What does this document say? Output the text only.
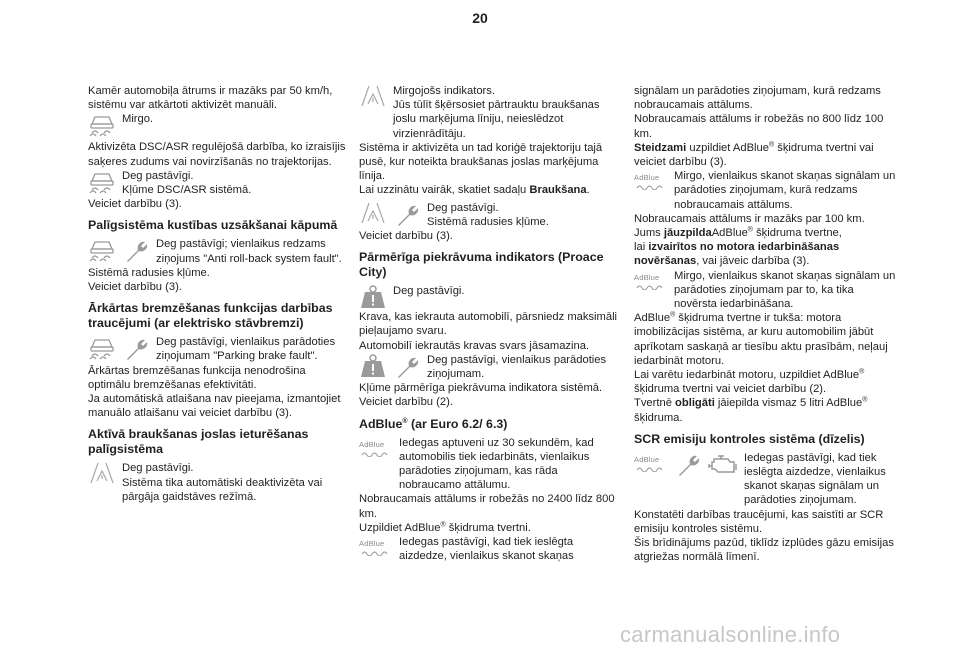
20

Kamēr automobiļa ātrums ir mazāks par 50 km/h, sistēmu var atkārtoti aktivizēt manuāli.

Mirgo.

Aktivizēta DSC/ASR regulējošā darbība, ko izraisījis saķeres zudums vai novirzīšanās no trajektorijas.

Deg pastāvīgi.

Kļūme DSC/ASR sistēmā.

Veiciet darbību (3).

Palīgsistēma kustības uzsākšanai kāpumā

Deg pastāvīgi; vienlaikus redzams ziņojums "Anti roll-back system fault".

Sistēmā radusies kļūme.

Veiciet darbību (3).

Ārkārtas bremzēšanas funkcijas darbības traucējumi (ar elektrisko stāvbremzi)

Deg pastāvīgi, vienlaikus parādoties ziņojumam "Parking brake fault".

Ārkārtas bremzēšanas funkcija nenodrošina optimālu bremzēšanas efektivitāti.

Ja automātiskā atlaišana nav pieejama, izmantojiet manuālo atlaišanu vai veiciet darbību (3).

Aktīvā braukšanas joslas ieturēšanas palīgsistēma

Deg pastāvīgi.

Sistēma tika automātiski deaktivizēta vai pārgāja gaidstāves režīmā.

Mirgojošs indikators.

Jūs tūlīt šķērsosiet pārtrauktu braukšanas joslu marķējuma līniju, neieslēdzot virzienrādītāju.

Sistēma ir aktivizēta un tad koriģē trajektoriju tajā pusē, kur noteikta braukšanas joslas marķējuma līnija.

Lai uzzinātu vairāk, skatiet sadaļu Braukšana.

Deg pastāvīgi.

Sistēmā radusies kļūme.

Veiciet darbību (3).

Pārmērīga piekrāvuma indikators (Proace City)

Deg pastāvīgi.

Krava, kas iekrauta automobilī, pārsniedz maksimāli pieļaujamo svaru.

Automobilī iekrautās kravas svars jāsamazina.

Deg pastāvīgi, vienlaikus parādoties ziņojumam.

Kļūme pārmērīga piekrāvuma indikatora sistēmā.

Veiciet darbību (2).

AdBlue® (ar Euro 6.2/ 6.3)
AdBlue Iedegas aptuveni uz 30 sekundēm, kad automobilis tiek iedarbināts, vienlaikus parādoties ziņojumam, kas rāda nobraucamo attālumu.

Nobraucamais attālums ir robežās no 2400 līdz 800 km.

Uzpildiet AdBlue® šķidruma tvertni.

AdBlue Iedegas pastāvīgi, kad tiek ieslēgta aizdedze, vienlaikus skanot skaņas

signālam un parādoties ziņojumam, kurā redzams nobraucamais attālums.

Nobraucamais attālums ir robežās no 800 līdz 100 km.

Steidzami uzpildiet AdBlue® šķidruma tvertni vai veiciet darbību (3).

AdBlue Mirgo, vienlaikus skanot skaņas signālam un parādoties ziņojumam, kurā redzams nobraucamais attālums.

Nobraucamais attālums ir mazāks par 100 km.

Jums jāuzpildaAdBlue® šķidruma tvertne,

lai izvairītos no motora iedarbināšanas novēršanas, vai jāveic darbība (3).

AdBlue Mirgo, vienlaikus skanot skaņas signālam un parādoties ziņojumam par to, ka tika novērsta iedarbināšana.

AdBlue® šķidruma tvertne ir tukša: motora imobilizācijas sistēma, ar kuru automobilim jābūt aprīkotam saskaņā ar tiesību aktu prasībām, neļauj iedarbināt motoru.

Lai varētu iedarbināt motoru, uzpildiet AdBlue® šķidruma tvertni vai veiciet darbību (2).

Tvertnē obligāti jāiepilda vismaz 5 litri AdBlue® šķidruma.

SCR emisiju kontroles sistēma (dīzelis)
AdBlue	Iedegas pastāvīgi, kad tiek ieslēgta aizdedze, vienlaikus skanot skaņas signālam un parādoties ziņojumam.

Konstatēti darbības traucējumi, kas saistīti ar SCR emisiju kontroles sistēmu.

Šis brīdinājums pazūd, tiklīdz izplūdes gāzu emisijas atgriežas normālā līmenī.

carmanualsonline.info
